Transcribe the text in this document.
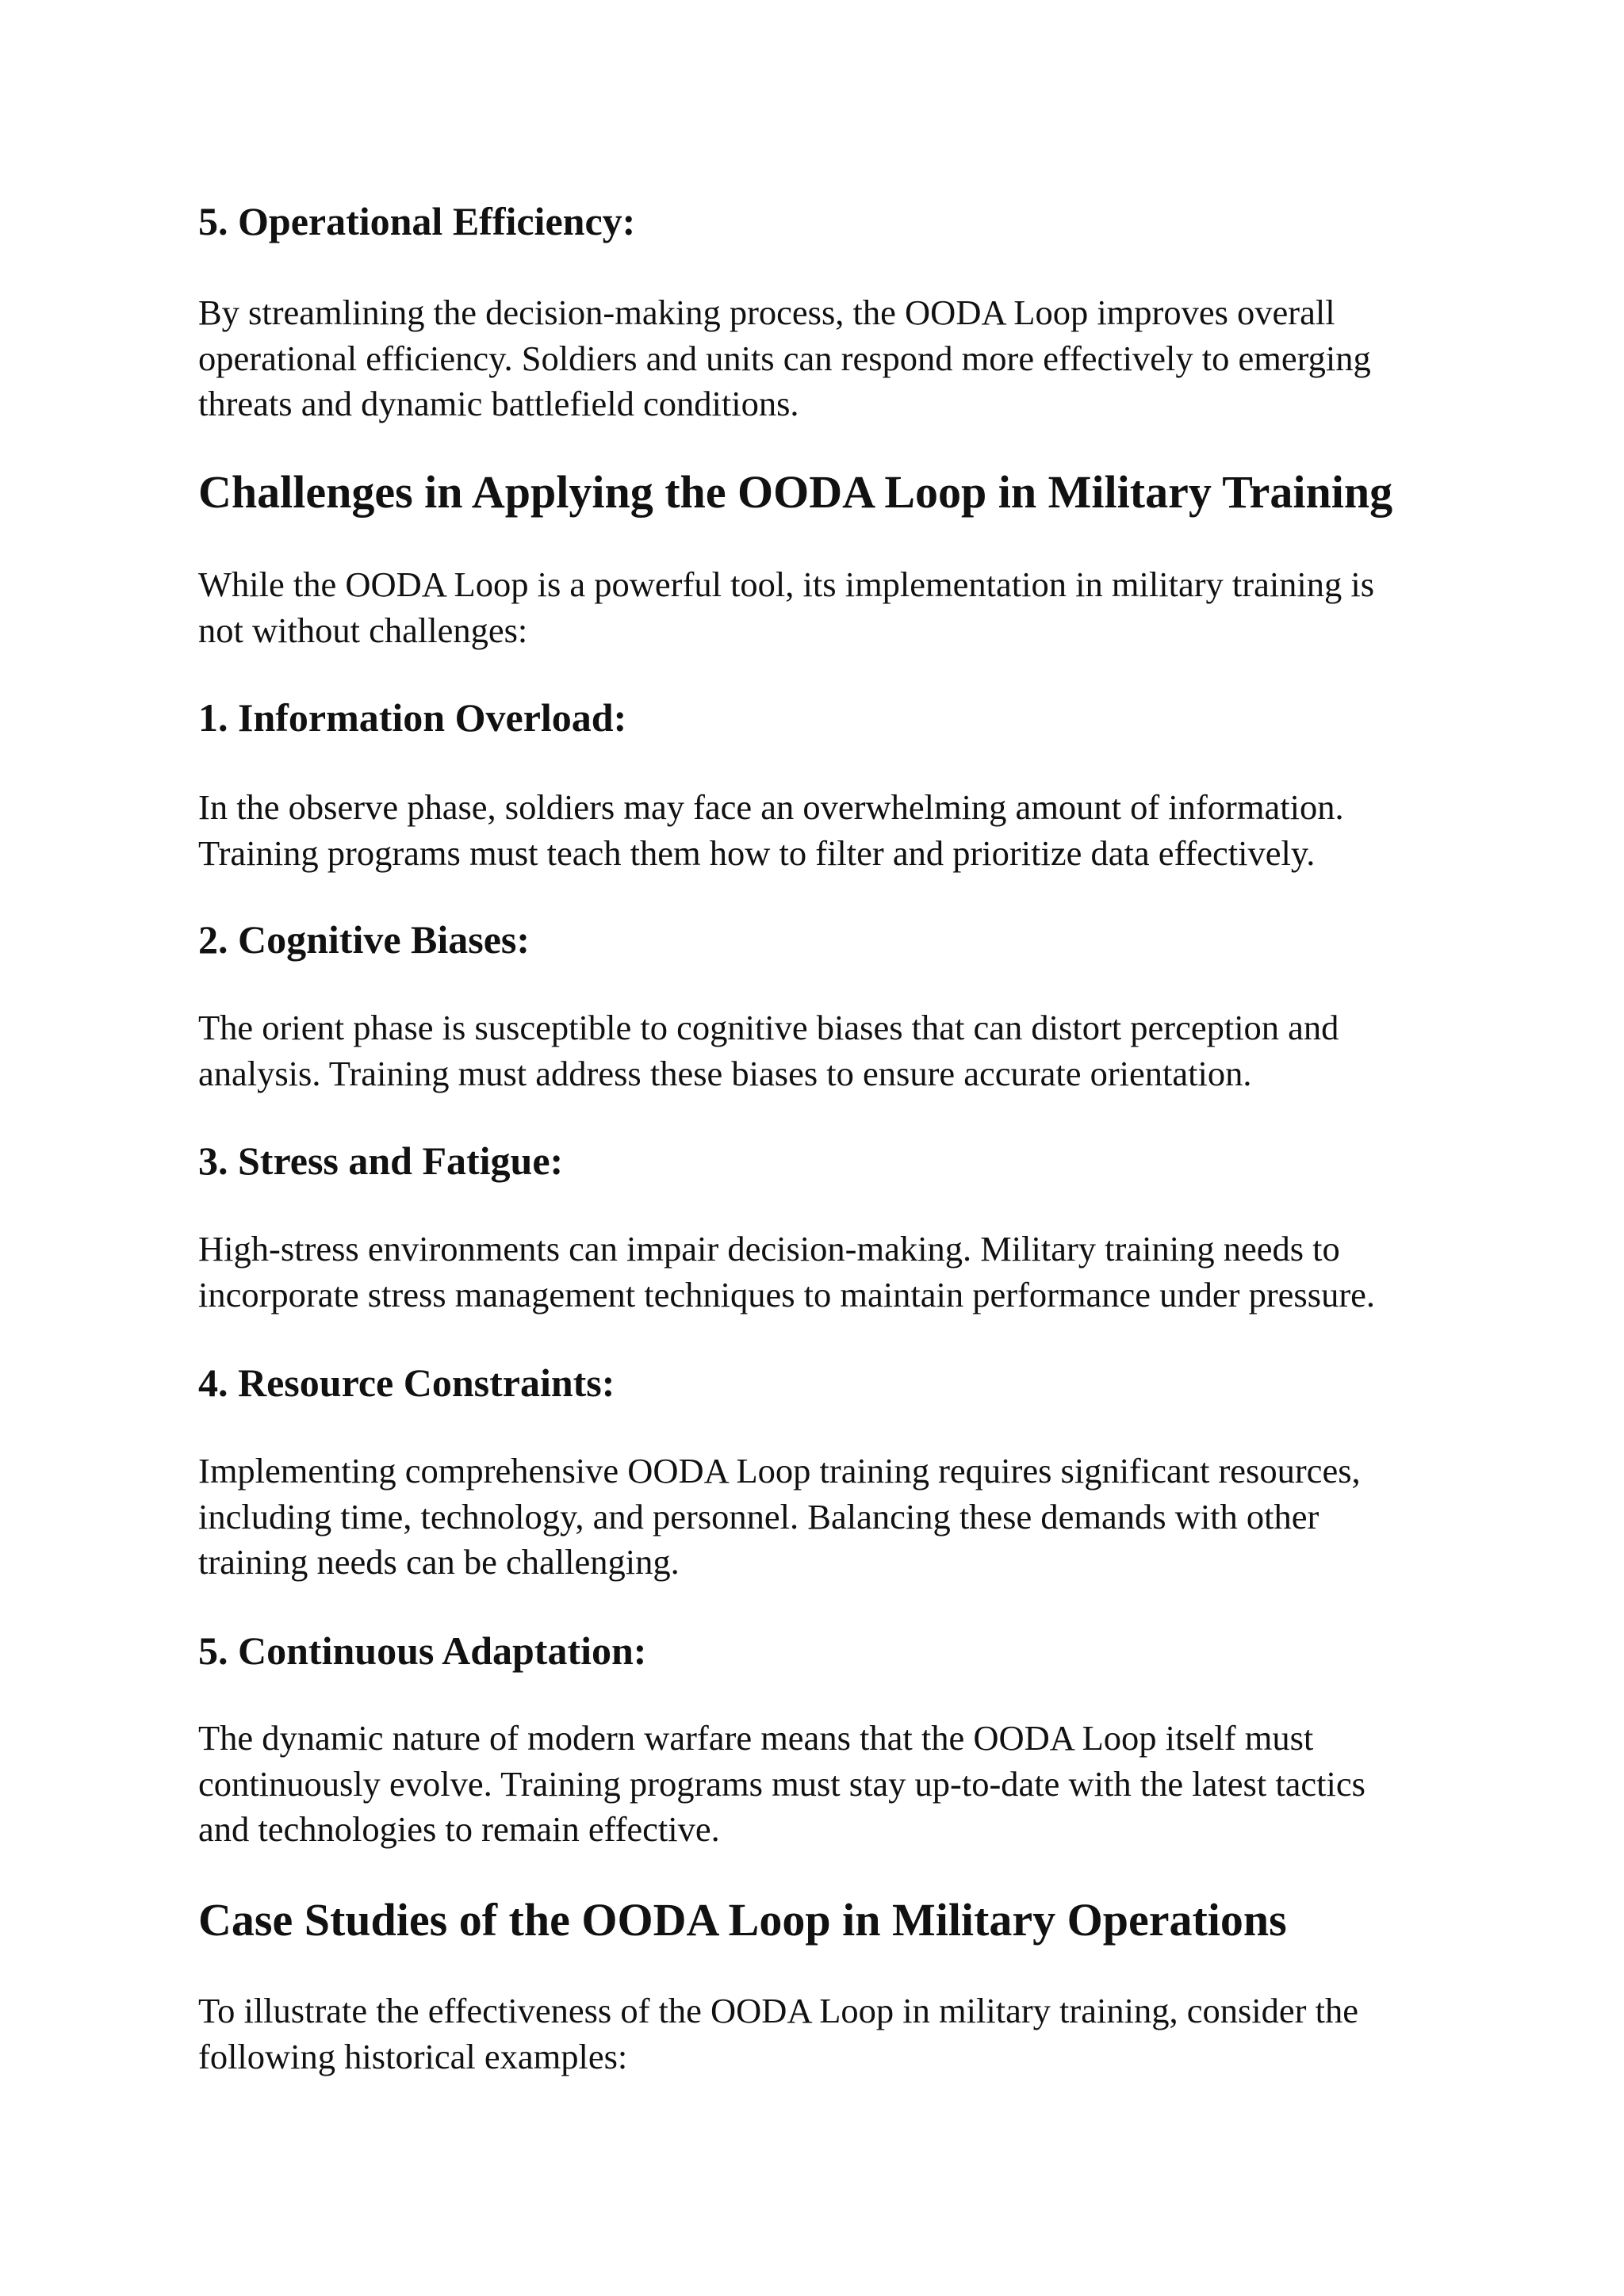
5. Operational Efficiency:
By streamlining the decision-making process, the OODA Loop improves overall
operational efficiency. Soldiers and units can respond more effectively to emerging
threats and dynamic battlefield conditions.
Challenges in Applying the OODA Loop in Military Training
While the OODA Loop is a powerful tool, its implementation in military training is
not without challenges:
1. Information Overload:
In the observe phase, soldiers may face an overwhelming amount of information.
Training programs must teach them how to filter and prioritize data effectively.
2. Cognitive Biases:
The orient phase is susceptible to cognitive biases that can distort perception and
analysis. Training must address these biases to ensure accurate orientation.
3. Stress and Fatigue:
High-stress environments can impair decision-making. Military training needs to
incorporate stress management techniques to maintain performance under pressure.
4. Resource Constraints:
Implementing comprehensive OODA Loop training requires significant resources,
including time, technology, and personnel. Balancing these demands with other
training needs can be challenging.
5. Continuous Adaptation:
The dynamic nature of modern warfare means that the OODA Loop itself must
continuously evolve. Training programs must stay up-to-date with the latest tactics
and technologies to remain effective.
Case Studies of the OODA Loop in Military Operations
To illustrate the effectiveness of the OODA Loop in military training, consider the
following historical examples:
